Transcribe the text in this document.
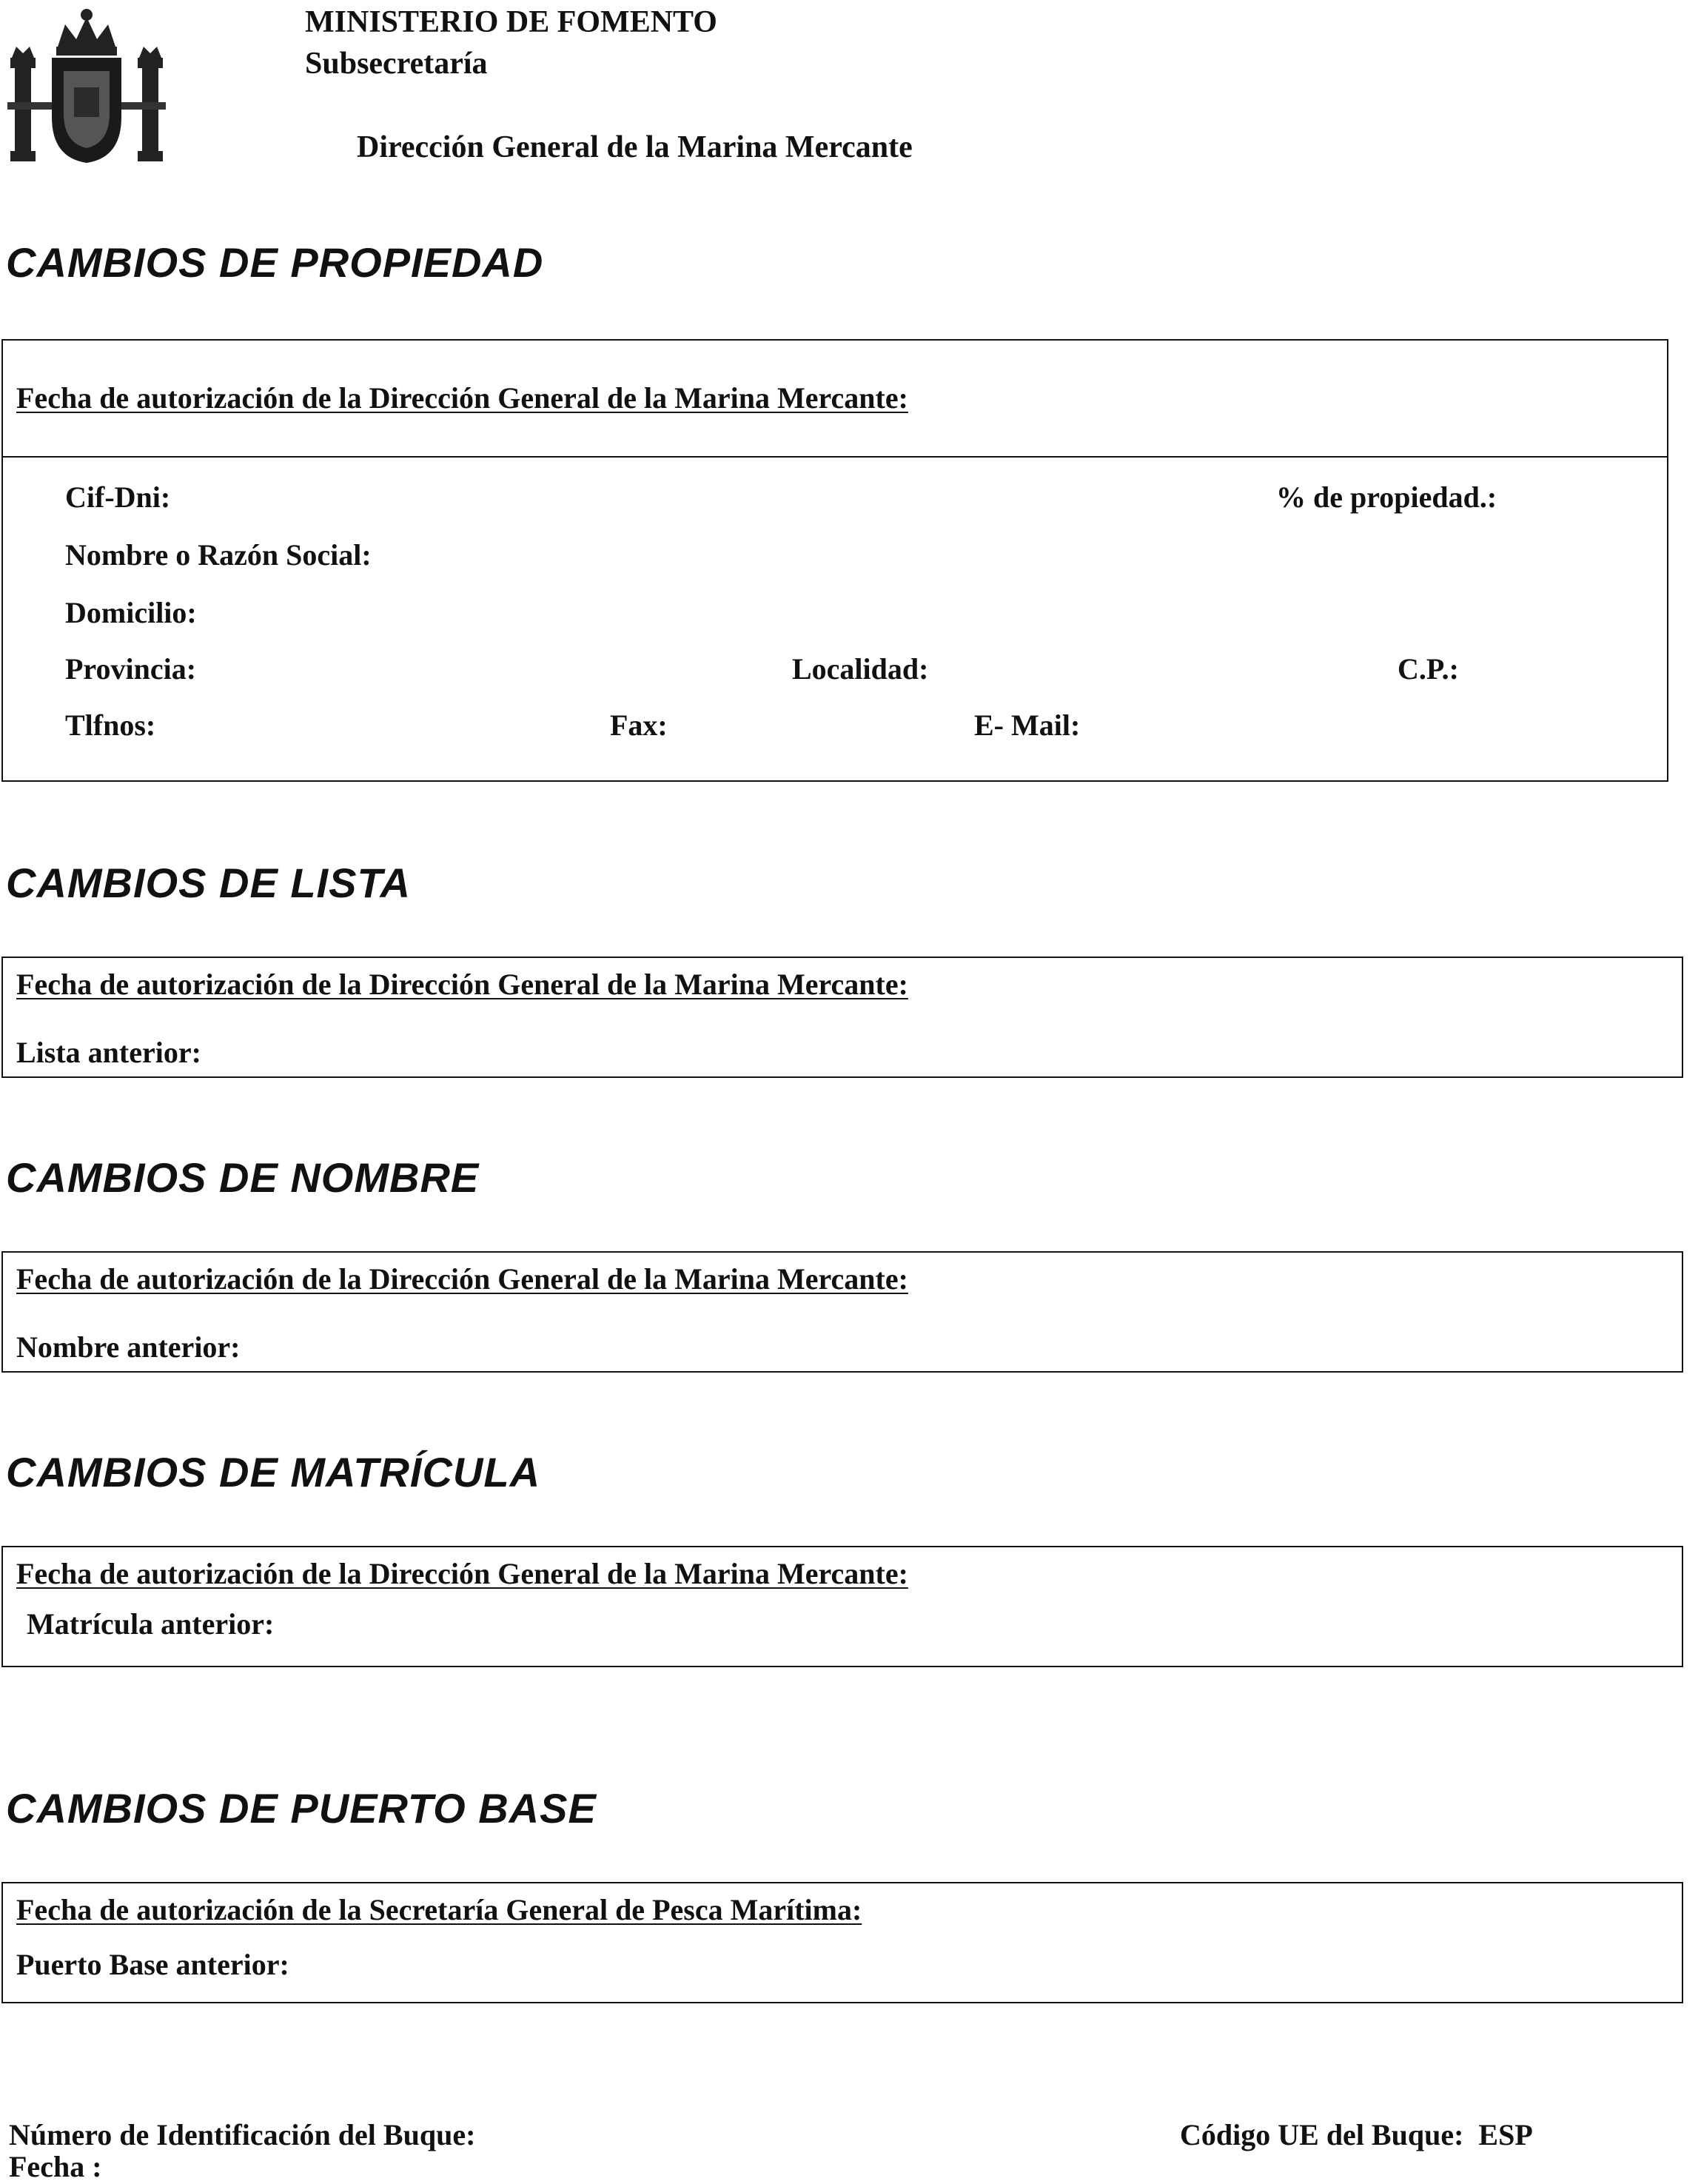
MINISTERIO DE FOMENTO
Subsecretaría
Dirección General de la Marina Mercante
CAMBIOS DE PROPIEDAD
Fecha de autorización de la Dirección General de la Marina Mercante:
Cif-Dni:	% de propiedad.:
Nombre o Razón Social:
Domicilio:
Provincia:	Localidad:	C.P.:
Tlfnos:	Fax:	E- Mail:
CAMBIOS DE LISTA
Fecha de autorización de la Dirección General de la Marina Mercante:
Lista anterior:
CAMBIOS DE NOMBRE
Fecha de autorización de la Dirección General de la Marina Mercante:
Nombre anterior:
CAMBIOS DE MATRÍCULA
Fecha de autorización de la Dirección General de la Marina Mercante:
Matrícula anterior:
CAMBIOS DE PUERTO BASE
Fecha de autorización de la Secretaría General de Pesca Marítima:
Puerto Base anterior:
Número de Identificación del Buque:
Fecha :
Código UE del Buque: ESP
